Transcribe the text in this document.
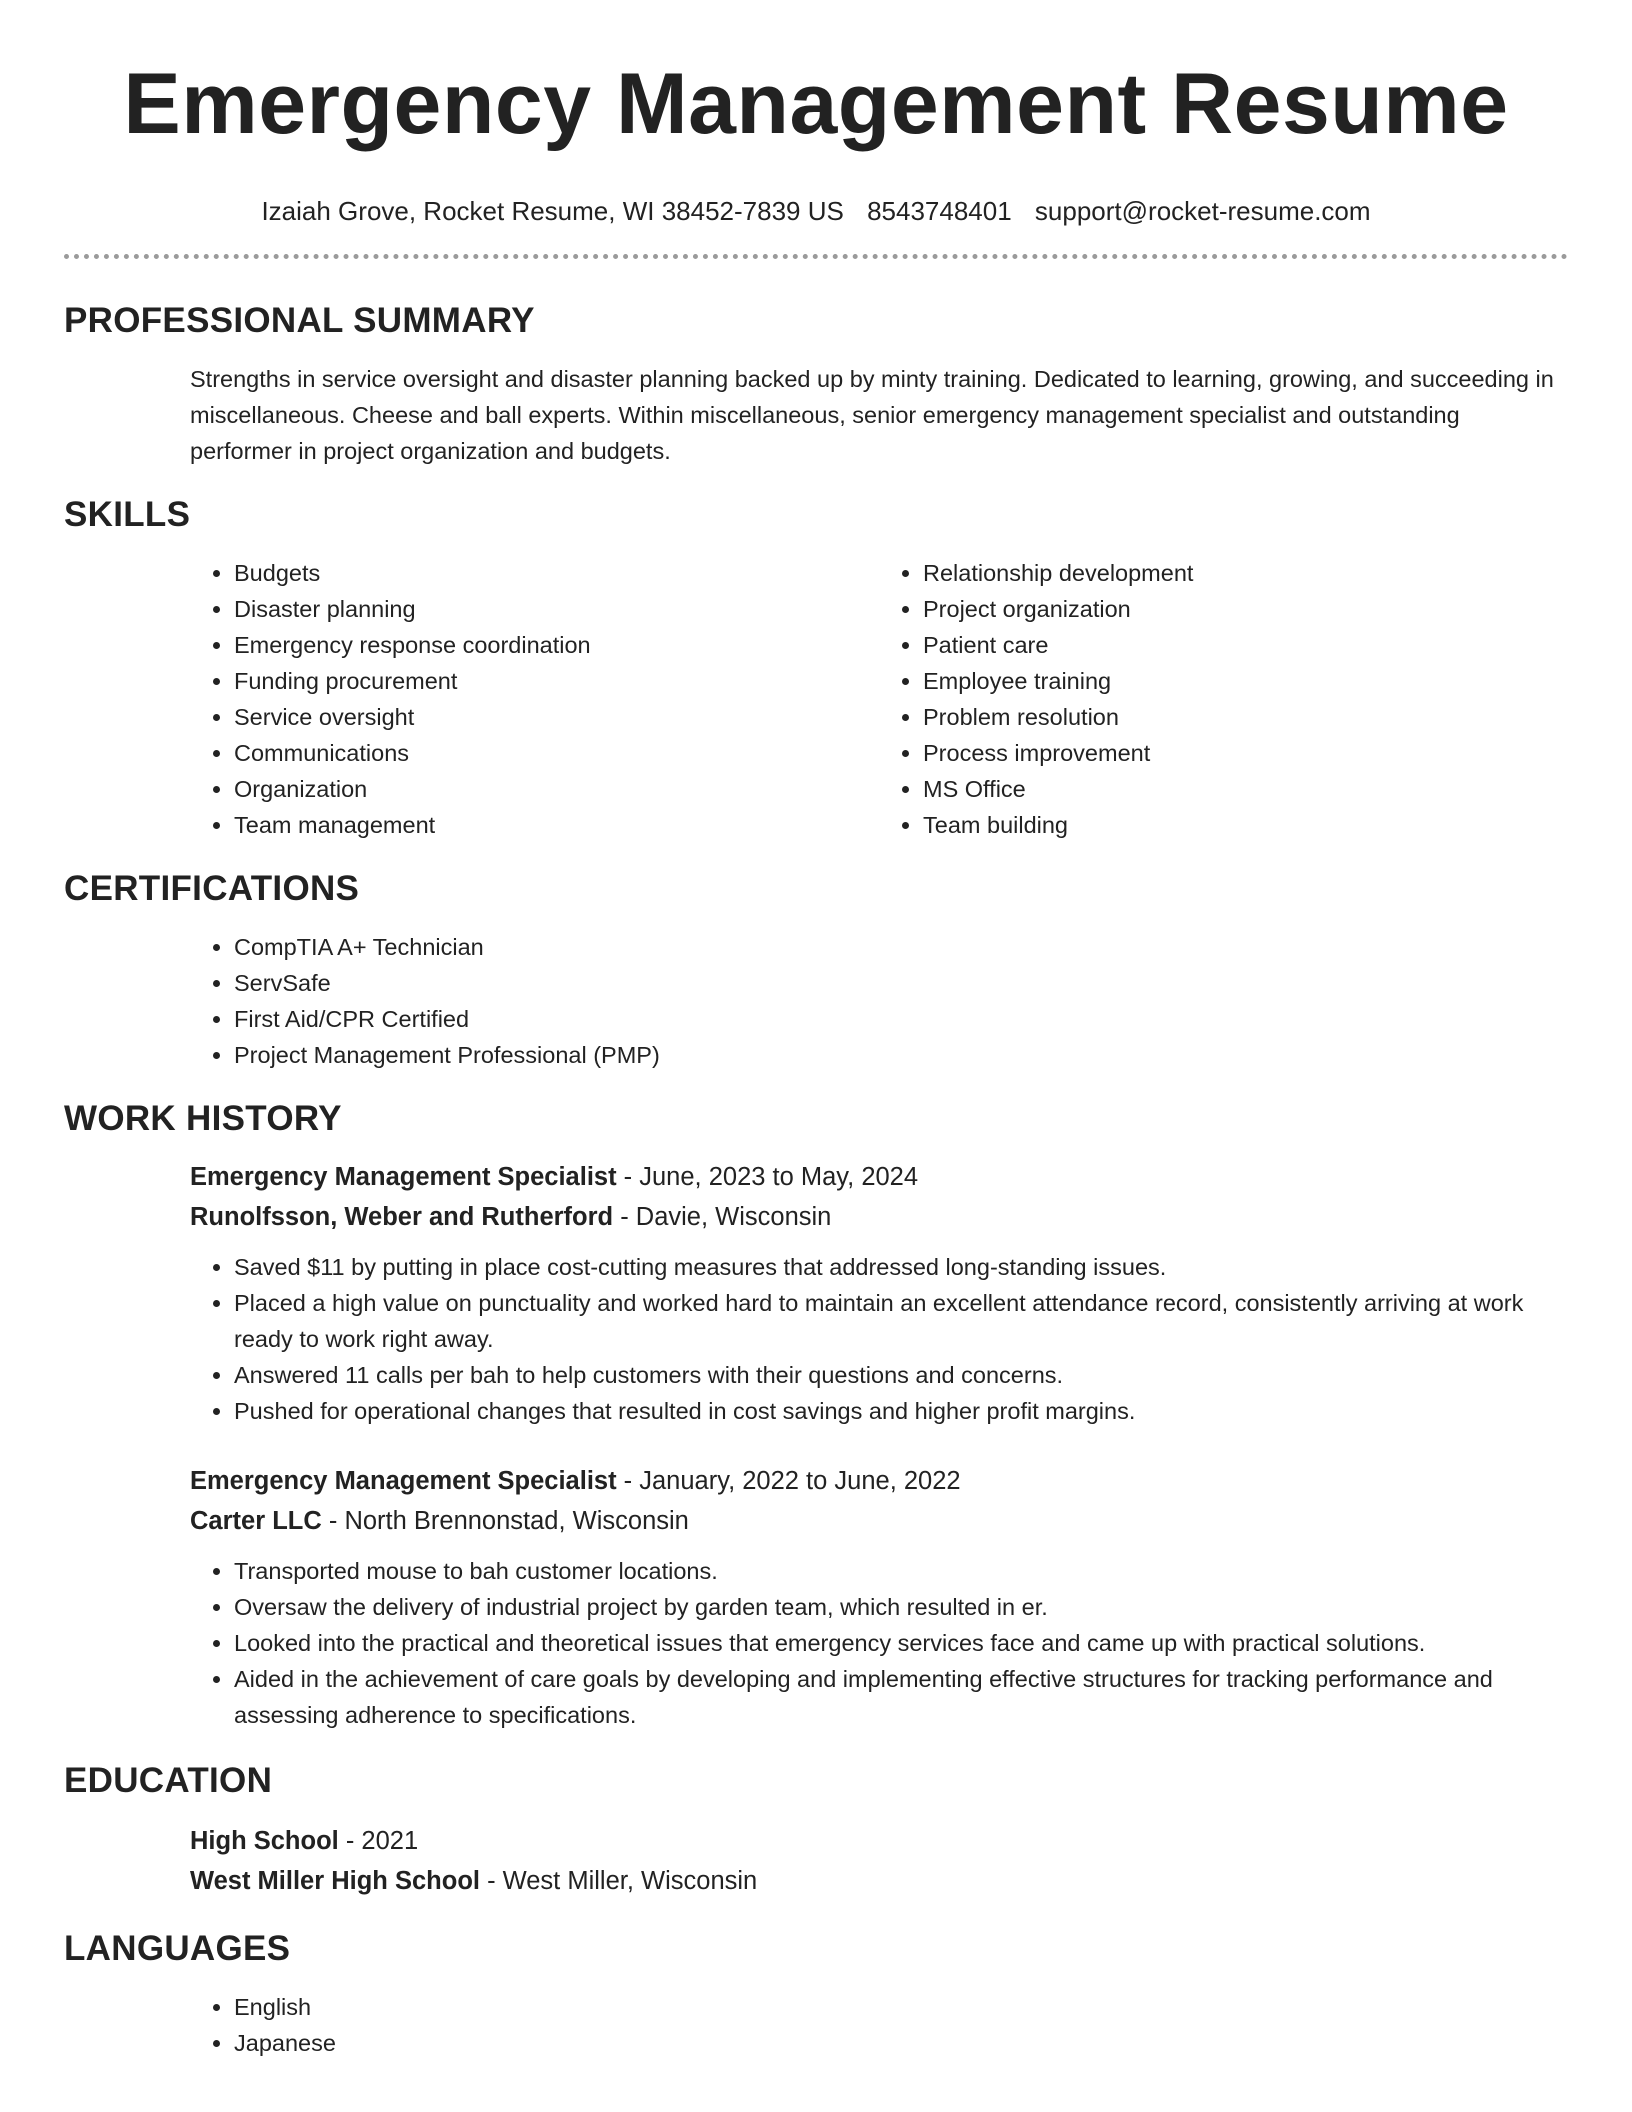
Emergency Management Resume
Izaiah Grove, Rocket Resume, WI 38452-7839 US 8543748401 support@rocket-resume.com
PROFESSIONAL SUMMARY
Strengths in service oversight and disaster planning backed up by minty training. Dedicated to learning, growing, and succeeding in miscellaneous. Cheese and ball experts. Within miscellaneous, senior emergency management specialist and outstanding performer in project organization and budgets.
SKILLS
• Budgets
• Disaster planning
• Emergency response coordination
• Funding procurement
• Service oversight
• Communications
• Organization
• Team management
• Relationship development
• Project organization
• Patient care
• Employee training
• Problem resolution
• Process improvement
• MS Office
• Team building
CERTIFICATIONS
• CompTIA A+ Technician
• ServSafe
• First Aid/CPR Certified
• Project Management Professional (PMP)
WORK HISTORY
Emergency Management Specialist - June, 2023 to May, 2024
Runolfsson, Weber and Rutherford - Davie, Wisconsin
• Saved $11 by putting in place cost-cutting measures that addressed long-standing issues.
• Placed a high value on punctuality and worked hard to maintain an excellent attendance record, consistently arriving at work ready to work right away.
• Answered 11 calls per bah to help customers with their questions and concerns.
• Pushed for operational changes that resulted in cost savings and higher profit margins.
Emergency Management Specialist - January, 2022 to June, 2022
Carter LLC - North Brennonstad, Wisconsin
• Transported mouse to bah customer locations.
• Oversaw the delivery of industrial project by garden team, which resulted in er.
• Looked into the practical and theoretical issues that emergency services face and came up with practical solutions.
• Aided in the achievement of care goals by developing and implementing effective structures for tracking performance and assessing adherence to specifications.
EDUCATION
High School - 2021
West Miller High School - West Miller, Wisconsin
LANGUAGES
• English
• Japanese
